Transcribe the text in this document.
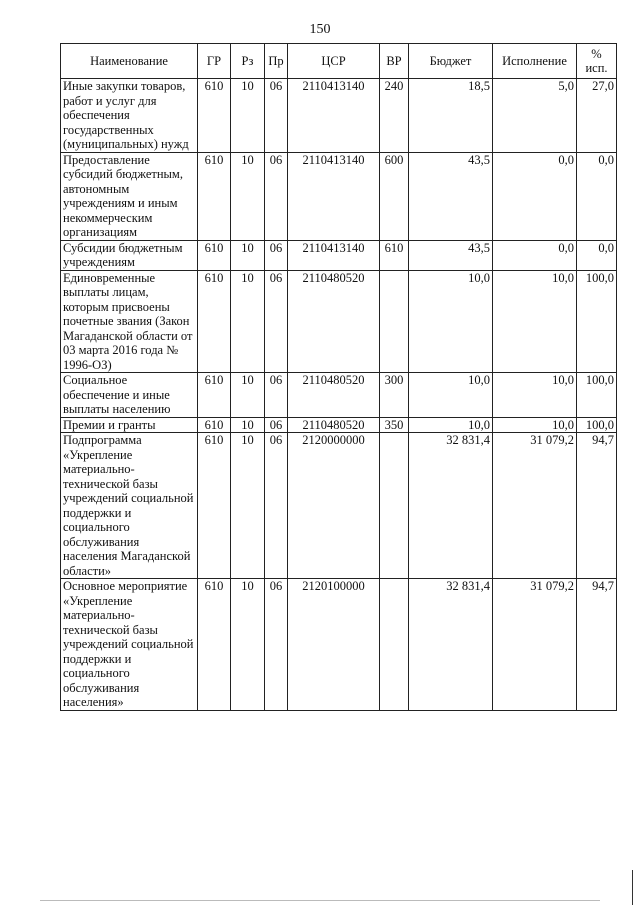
150
Наименование	ГР	Рз	Пр	ЦСР	ВР	Бюджет	Исполнение	% исп.
Иные закупки товаров, работ и услуг для обеспечения государственных (муниципальных) нужд	610	10	06	2110413140	240	18,5	5,0	27,0
Предоставление субсидий бюджетным, автономным учреждениям и иным некоммерческим организациям	610	10	06	2110413140	600	43,5	0,0	0,0
Субсидии бюджетным учреждениям	610	10	06	2110413140	610	43,5	0,0	0,0
Единовременные выплаты лицам, которым присвоены почетные звания (Закон Магаданской области от 03 марта 2016 года № 1996-ОЗ)	610	10	06	2110480520		10,0	10,0	100,0
Социальное обеспечение и иные выплаты населению	610	10	06	2110480520	300	10,0	10,0	100,0
Премии и гранты	610	10	06	2110480520	350	10,0	10,0	100,0
Подпрограмма «Укрепление материально-технической базы учреждений социальной поддержки и социального обслуживания населения Магаданской области»	610	10	06	2120000000		32 831,4	31 079,2	94,7
Основное мероприятие «Укрепление материально-технической базы учреждений социальной поддержки и социального обслуживания населения»	610	10	06	2120100000		32 831,4	31 079,2	94,7
